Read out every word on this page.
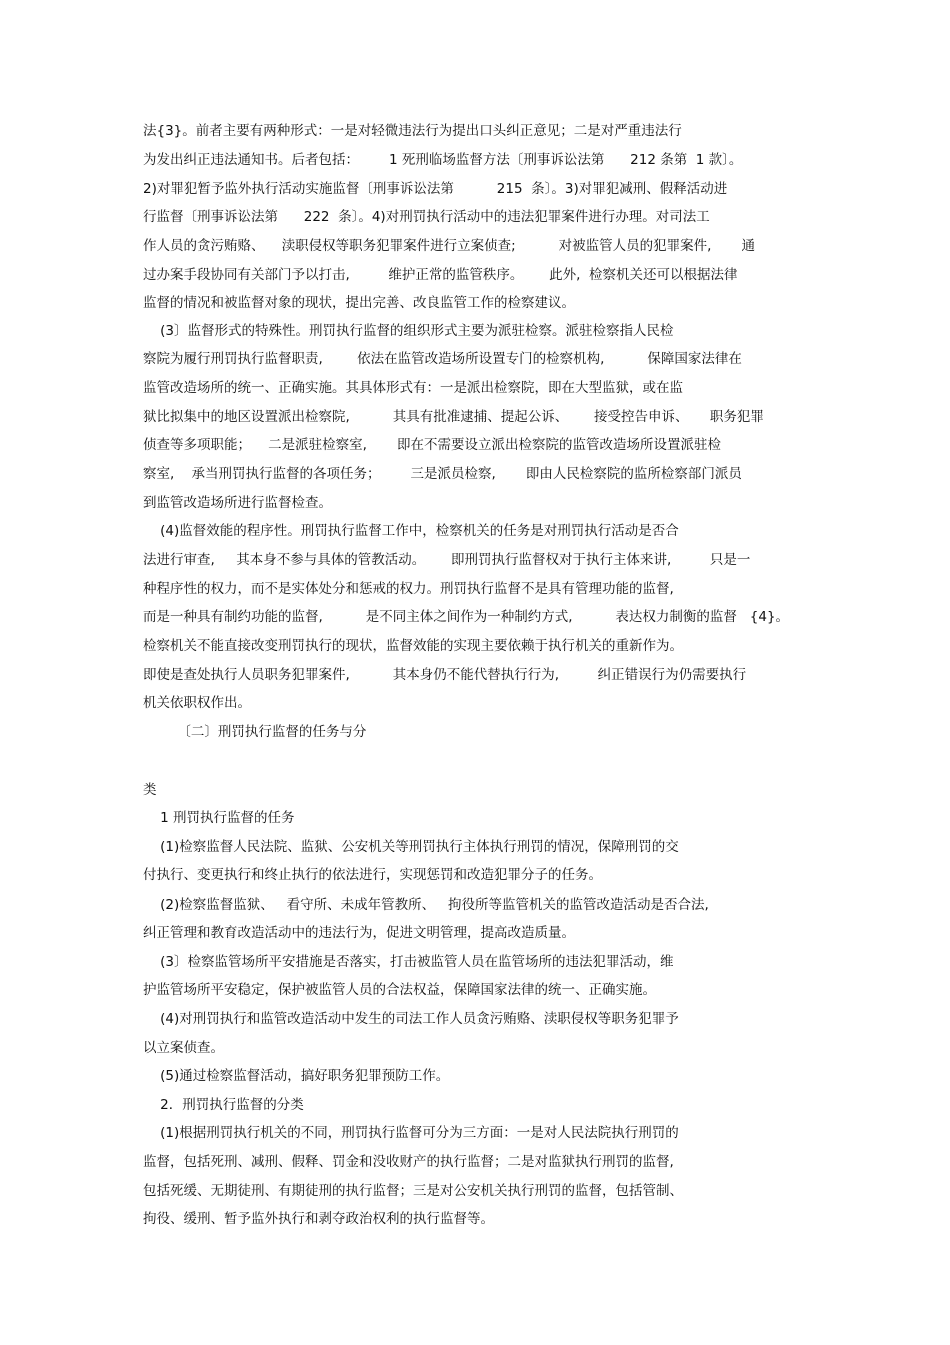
法{3}。前者主要有两种形式：一是对轻微违法行为提出口头纠正意见；二是对严重违法行
为发出纠正违法通知书。后者包括：       1 死刑临场监督方法〔刑事诉讼法第      212 条第  1 款〕。
2)对罪犯暂予监外执行活动实施监督〔刑事诉讼法第          215  条〕。3)对罪犯减刑、假释活动进
行监督〔刑事诉讼法第      222  条〕。4)对刑罚执行活动中的违法犯罪案件进行办理。对司法工
作人员的贪污贿赂、    渎职侵权等职务犯罪案件进行立案侦查;          对被监管人员的犯罪案件,       通
过办案手段协同有关部门予以打击,         维护正常的监管秩序。      此外,  检察机关还可以根据法律
监督的情况和被监督对象的现状，提出完善、改良监管工作的检察建议。
(3〕监督形式的特殊性。刑罚执行监督的组织形式主要为派驻检察。派驻检察指人民检
察院为履行刑罚执行监督职责,        依法在监管改造场所设置专门的检察机构,          保障国家法律在
监管改造场所的统一、正确实施。其具体形式有：一是派出检察院，即在大型监狱，或在监
狱比拟集中的地区设置派出检察院,          其具有批准逮捕、提起公诉、      接受控告申诉、     职务犯罪
侦查等多项职能；    二是派驻检察室,       即在不需要设立派出检察院的监管改造场所设置派驻检
察室,    承当刑罚执行监督的各项任务；       三是派员检察,       即由人民检察院的监所检察部门派员
到监管改造场所进行监督检查。
(4)监督效能的程序性。刑罚执行监督工作中，检察机关的任务是对刑罚执行活动是否合
法进行审查,     其本身不参与具体的管教活动。      即刑罚执行监督权对于执行主体来讲,         只是一
种程序性的权力，而不是实体处分和惩戒的权力。刑罚执行监督不是具有管理功能的监督,
而是一种具有制约功能的监督,          是不同主体之间作为一种制约方式,          表达权力制衡的监督   {4}。
检察机关不能直接改变刑罚执行的现状，监督效能的实现主要依赖于执行机关的重新作为。
即使是查处执行人员职务犯罪案件,          其本身仍不能代替执行行为,         纠正错误行为仍需要执行
机关依职权作出。
〔二〕刑罚执行监督的任务与分
类
1 刑罚执行监督的任务
(1)检察监督人民法院、监狱、公安机关等刑罚执行主体执行刑罚的情况，保障刑罚的交
付执行、变更执行和终止执行的依法进行，实现惩罚和改造犯罪分子的任务。
(2)检察监督监狱、   看守所、未成年管教所、   拘役所等监管机关的监管改造活动是否合法,
纠正管理和教育改造活动中的违法行为，促进文明管理，提高改造质量。
(3〕检察监管场所平安措施是否落实，打击被监管人员在监管场所的违法犯罪活动，维
护监管场所平安稳定，保护被监管人员的合法权益，保障国家法律的统一、正确实施。
(4)对刑罚执行和监管改造活动中发生的司法工作人员贪污贿赂、渎职侵权等职务犯罪予
以立案侦查。
(5)通过检察监督活动，搞好职务犯罪预防工作。
2．刑罚执行监督的分类
(1)根据刑罚执行机关的不同，刑罚执行监督可分为三方面：一是对人民法院执行刑罚的
监督，包括死刑、减刑、假释、罚金和没收财产的执行监督；二是对监狱执行刑罚的监督,
包括死缓、无期徒刑、有期徒刑的执行监督；三是对公安机关执行刑罚的监督，包括管制、
拘役、缓刑、暂予监外执行和剥夺政治权利的执行监督等。
